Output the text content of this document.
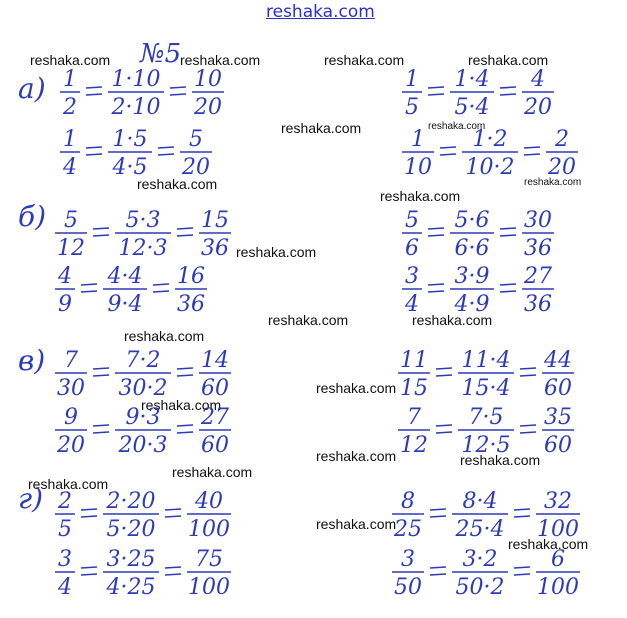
reshaka.com
reshaka.com	reshaka.com	reshaka.com	reshaka.com
reshaka.com	reshaka.com
reshaka.com	reshaka.com
reshaka.com
reshaka.com
reshaka.com	reshaka.com
reshaka.com
reshaka.com
reshaka.com
reshaka.com	reshaka.com
reshaka.com
reshaka.com
reshaka.com
reshaka.com
№5
а)
б)
в)
г)
1
2
1·10
2·10
10
20
1
4
1·5
4·5
5
20
1
5
1·4
5·4
4
20
1
10
1·2
10·2
2
20
5
12
5·3
12·3
15
36
4
9
4·4
9·4
16
36
5
6
5·6
6·6
30
36
3
4
3·9
4·9
27
36
7
30
7·2
30·2
14
60
9
20
9·3
20·3
27
60
11
15
11·4
15·4
44
60
7
12
7·5
12·5
35
60
2
5
2·20
5·20
40
100
3
4
3·25
4·25
75
100
8
25
8·4
25·4
32
100
3
50
3·2
50·2
6
100
